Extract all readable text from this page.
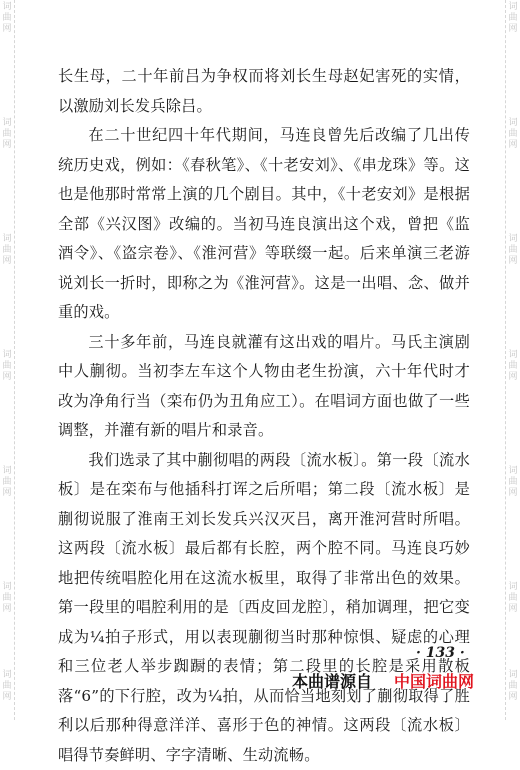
词
曲
网
词
曲
网
词
曲
网
词
曲
网
词
曲
网
词
曲
网
词
曲
网
词
曲
网
词
曲
网
词
曲
网
词
曲
网
词
曲
网
词
曲
网
词
曲
网

长生母，二十年前吕为争权而将刘长生母赵妃害死的实情，以激励刘长发兵除吕。

在二十世纪四十年代期间，马连良曾先后改编了几出传统历史戏，例如：《春秋笔》、《十老安刘》、《串龙珠》等。这也是他那时常常上演的几个剧目。其中，《十老安刘》是根据全部《兴汉图》改编的。当初马连良演出这个戏，曾把《监酒令》、《盗宗卷》、《淮河营》等联缀一起。后来单演三老游说刘长一折时，即称之为《淮河营》。这是一出唱、念、做并重的戏。

三十多年前，马连良就灌有这出戏的唱片。马氏主演剧中人蒯彻。当初李左车这个人物由老生扮演，六十年代时才改为净角行当（栾布仍为丑角应工）。在唱词方面也做了一些调整，并灌有新的唱片和录音。

我们选录了其中蒯彻唱的两段〔流水板〕。第一段〔流水板〕是在栾布与他插科打诨之后所唱；第二段〔流水板〕是蒯彻说服了淮南王刘长发兵兴汉灭吕，离开淮河营时所唱。这两段〔流水板〕最后都有长腔，两个腔不同。马连良巧妙地把传统唱腔化用在这流水板里，取得了非常出色的效果。第一段里的唱腔利用的是〔西皮回龙腔〕，稍加调理，把它变成为¼拍子形式，用以表现蒯彻当时那种惊惧、疑虑的心理和三位老人举步踟蹰的表情；第二段里的长腔是采用散板落“6”的下行腔，改为¼拍，从而恰当地刻划了蒯彻取得了胜利以后那种得意洋洋、喜形于色的神情。这两段〔流水板〕唱得节奏鲜明、字字清晰、生动流畅。

· 133 ·
本曲谱源自 中国词曲网
